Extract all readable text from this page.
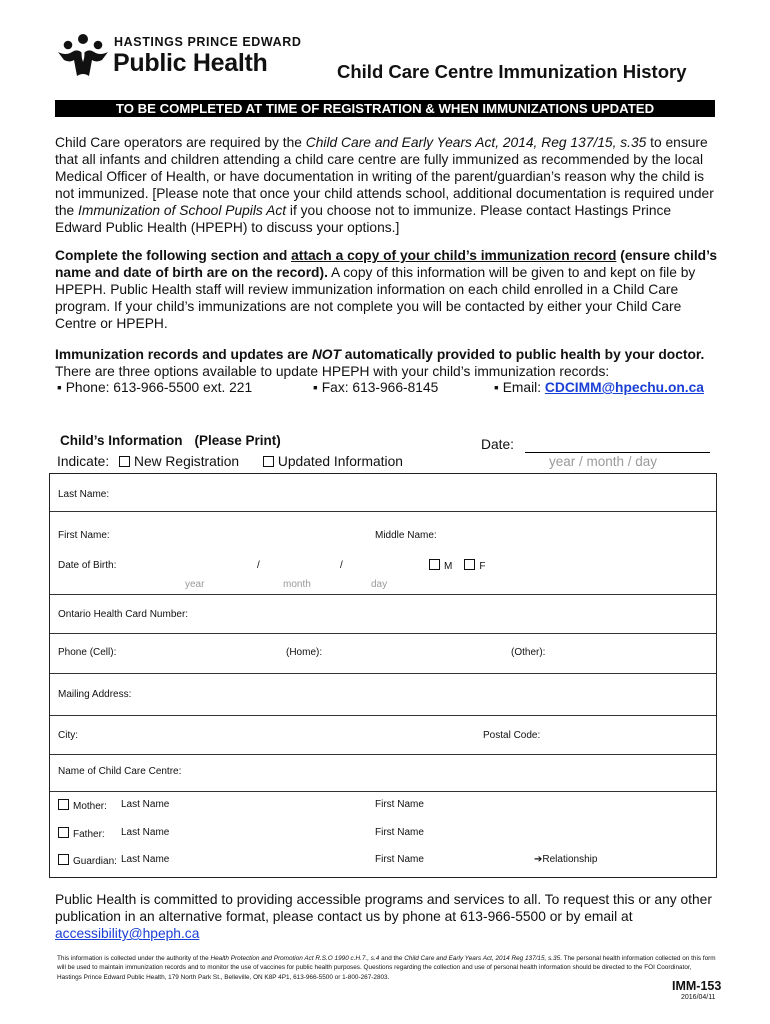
HASTINGS PRINCE EDWARD
Public Health	Child Care Centre Immunization History
TO BE COMPLETED AT TIME OF REGISTRATION & WHEN IMMUNIZATIONS UPDATED
Child Care operators are required by the Child Care and Early Years Act, 2014, Reg 137/15, s.35 to ensure that all infants and children attending a child care centre are fully immunized as recommended by the local Medical Officer of Health, or have documentation in writing of the parent/guardian’s reason why the child is not immunized. [Please note that once your child attends school, additional documentation is required under the Immunization of School Pupils Act if you choose not to immunize. Please contact Hastings Prince Edward Public Health (HPEPH) to discuss your options.]
Complete the following section and attach a copy of your child’s immunization record (ensure child’s name and date of birth are on the record). A copy of this information will be given to and kept on file by HPEPH. Public Health staff will review immunization information on each child enrolled in a Child Care program. If your child’s immunizations are not complete you will be contacted by either your Child Care Centre or HPEPH.
Immunization records and updates are NOT automatically provided to public health by your doctor.
There are three options available to update HPEPH with your child’s immunization records:
▪ Phone: 613-966-5500 ext. 221	▪ Fax: 613-966-8145	▪ Email: CDCIMM@hpechu.on.ca
Child’s Information (Please Print)	Date:
year / month / day
Indicate: New Registration	Updated Information
Last Name:
First Name:	Middle Name:
Date of Birth:	/	/	M	F
year	month	day
Ontario Health Card Number:
Phone (Cell):	(Home):	(Other):
Mailing Address:
City:	Postal Code:
Name of Child Care Centre:
Mother: Last Name	First Name
Father: Last Name	First Name
Guardian: Last Name	First Name	➔Relationship
Public Health is committed to providing accessible programs and services to all. To request this or any other publication in an alternative format, please contact us by phone at 613-966-5500 or by email at accessibility@hpeph.ca
This information is collected under the authority of the Health Protection and Promotion Act R.S.O 1990 c.H.7., s.4 and the Child Care and Early Years Act, 2014 Reg 137/15, s.35. The personal health information collected on this form will be used to maintain immunization records and to monitor the use of vaccines for public health purposes. Questions regarding the collection and use of personal health information should be directed to the FOI Coordinator, Hastings Prince Edward Public Health, 179 North Park St., Belleville, ON K8P 4P1, 613-966-5500 or 1-800-267-2803.
IMM-153
2016/04/11
